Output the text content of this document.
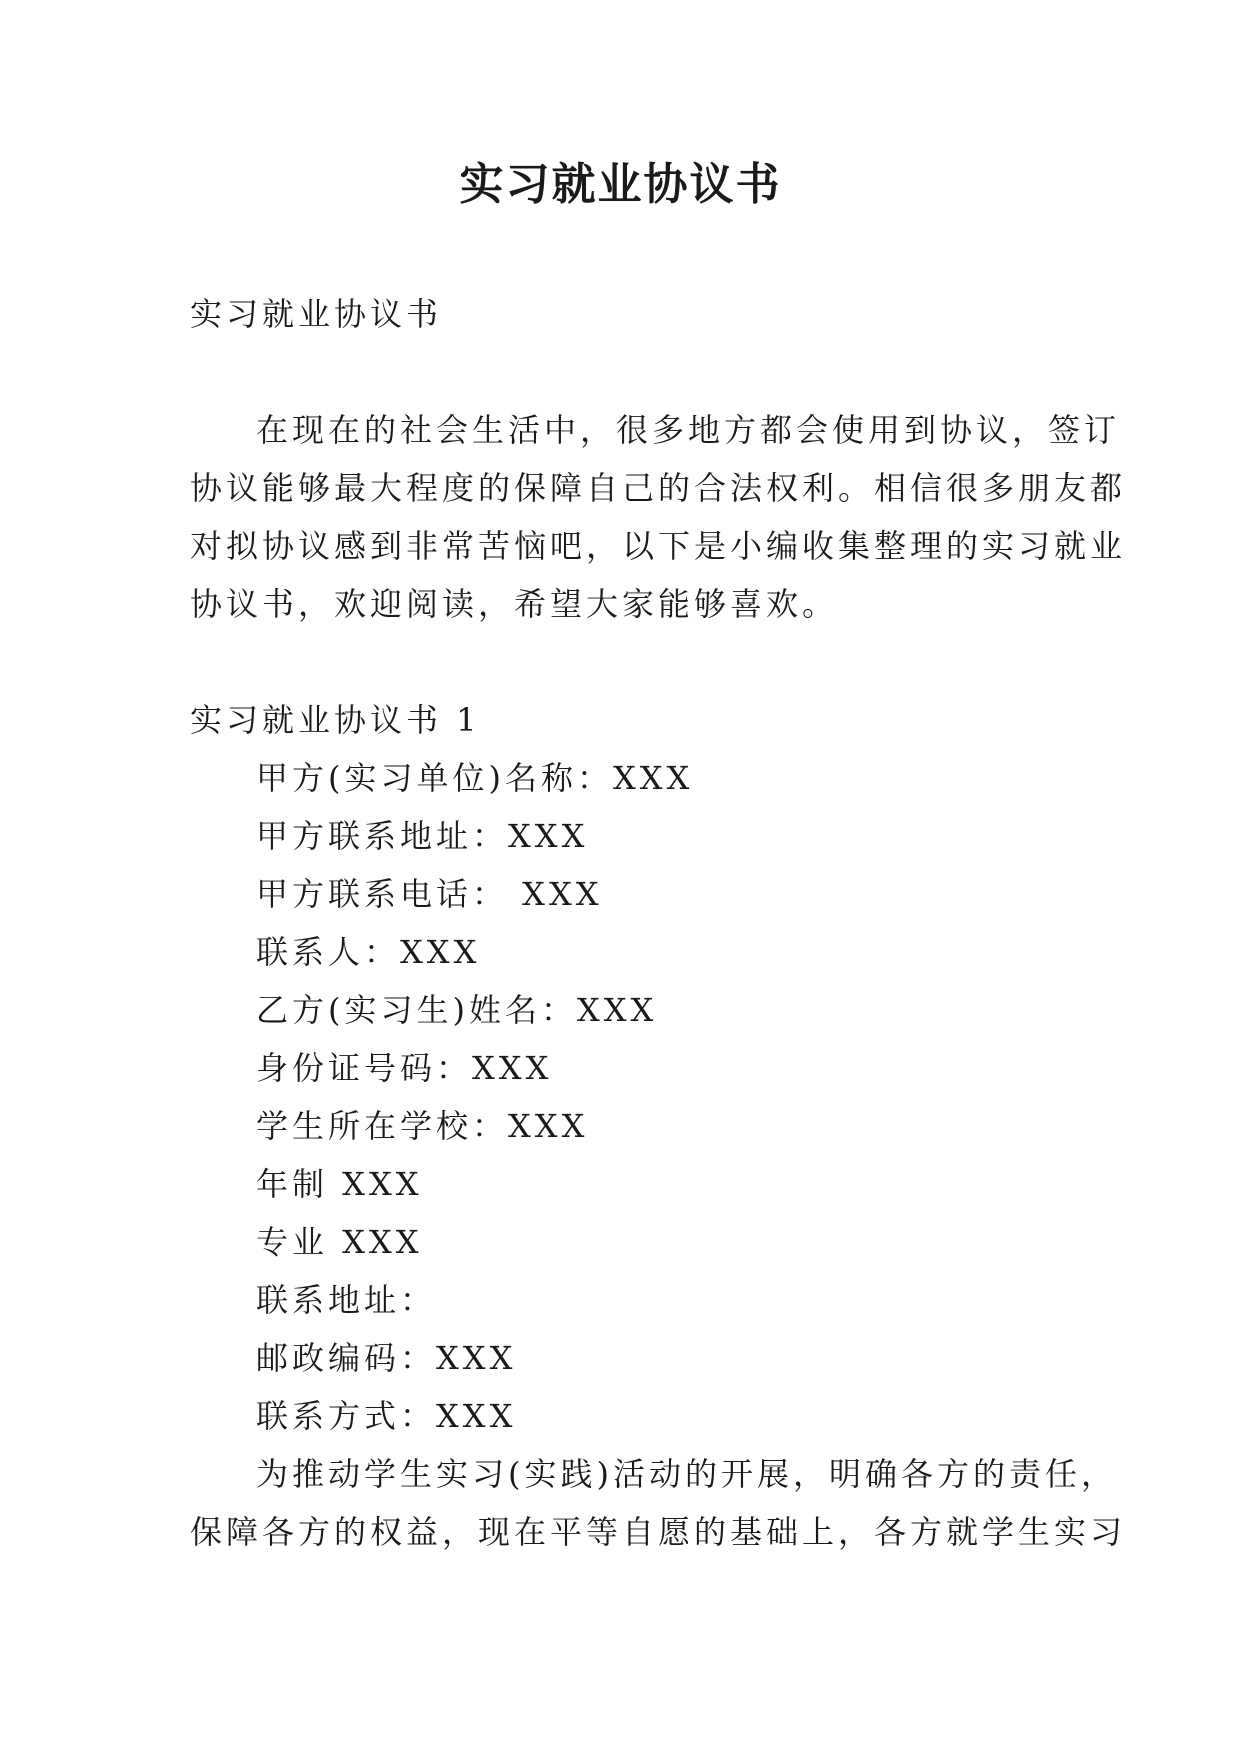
实习就业协议书
实习就业协议书
在现在的社会生活中，很多地方都会使用到协议，签订
协议能够最大程度的保障自己的合法权利。相信很多朋友都
对拟协议感到非常苦恼吧，以下是小编收集整理的实习就业
协议书，欢迎阅读，希望大家能够喜欢。
实习就业协议书 1
甲方(实习单位)名称：XXX
甲方联系地址：XXX
甲方联系电话： XXX
联系人：XXX
乙方(实习生)姓名：XXX
身份证号码：XXX
学生所在学校：XXX
年制 XXX
专业 XXX
联系地址：
邮政编码：XXX
联系方式：XXX
为推动学生实习(实践)活动的开展，明确各方的责任，
保障各方的权益，现在平等自愿的基础上，各方就学生实习
